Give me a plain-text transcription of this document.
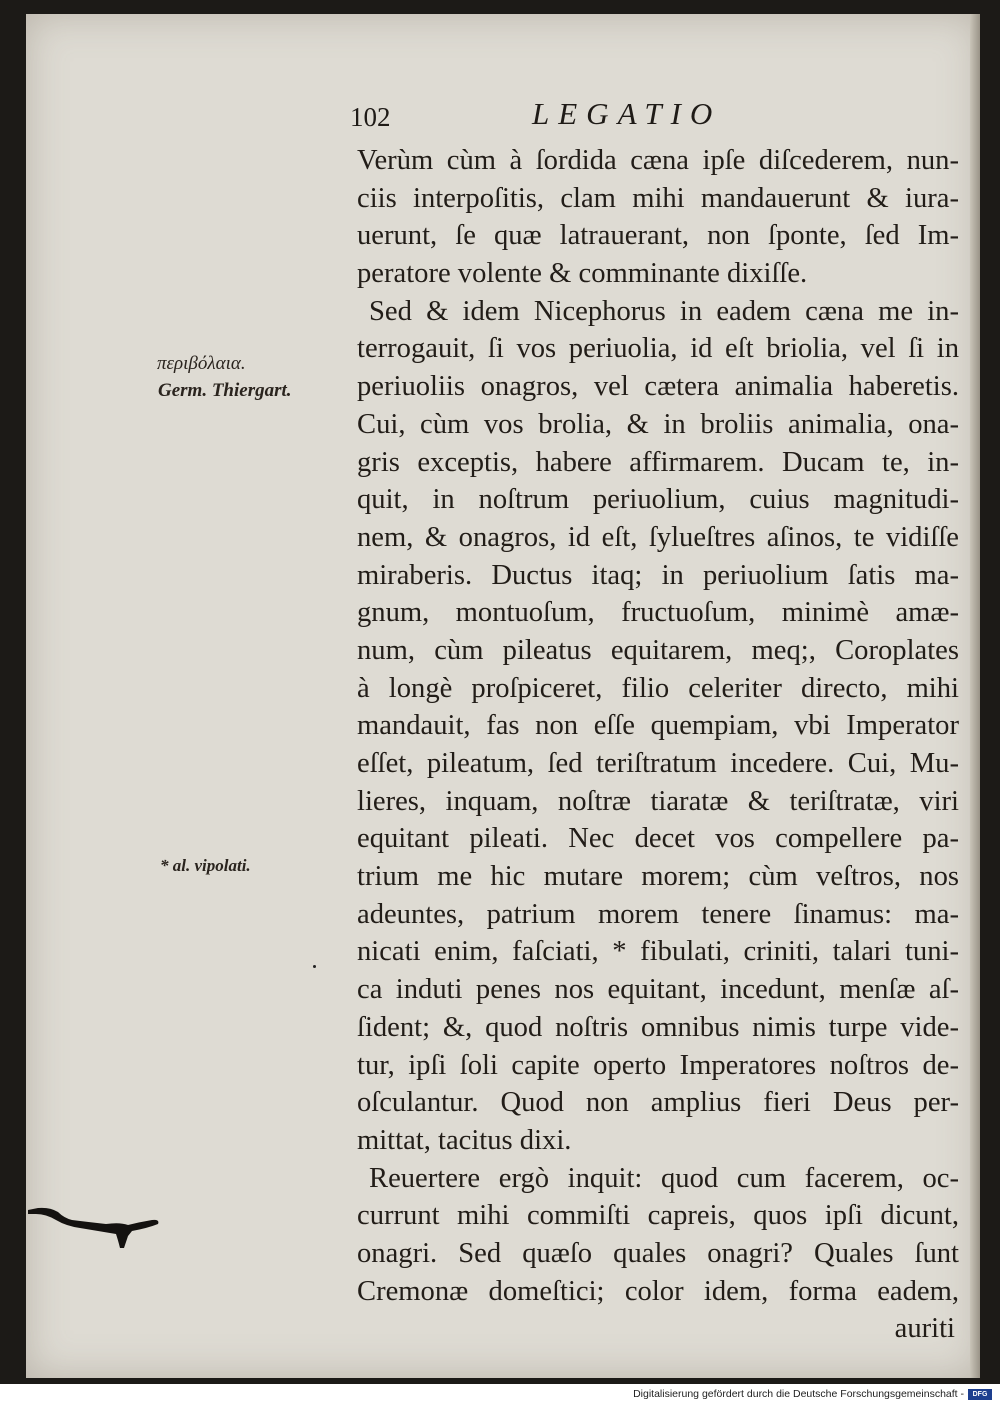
102	LEGATIO
περιβόλαια.
Germ. Thiergart.
* al. vipolati.
Verùm cùm à ſordida cæna ipſe diſcederem, nun-
ciis interpoſitis, clam mihi mandauerunt & iura-
uerunt, ſe quæ latrauerant, non ſponte, ſed Im-
peratore volente & comminante dixiſſe.
Sed & idem Nicephorus in eadem cæna me in-
terrogauit, ſi vos periuolia, id eſt briolia, vel ſi in
periuoliis onagros, vel cætera animalia haberetis.
Cui, cùm vos brolia, & in broliis animalia, ona-
gris exceptis, habere affirmarem. Ducam te, in-
quit, in noſtrum periuolium, cuius magnitudi-
nem, & onagros, id eſt, ſylueſtres aſinos, te vidiſſe
miraberis. Ductus itaq; in periuolium ſatis ma-
gnum, montuoſum, fructuoſum, minimè amæ-
num, cùm pileatus equitarem, meq;, Coroplates
à longè proſpiceret, filio celeriter directo, mihi
mandauit, fas non eſſe quempiam, vbi Imperator
eſſet, pileatum, ſed teriſtratum incedere. Cui, Mu-
lieres, inquam, noſtræ tiaratæ & teriſtratæ, viri
equitant pileati. Nec decet vos compellere pa-
trium me hic mutare morem; cùm veſtros, nos
adeuntes, patrium morem tenere ſinamus: ma-
nicati enim, faſciati, * fibulati, criniti, talari tuni-
ca induti penes nos equitant, incedunt, menſæ aſ-
ſident; &, quod noſtris omnibus nimis turpe vide-
tur, ipſi ſoli capite operto Imperatores noſtros de-
oſculantur. Quod non amplius fieri Deus per-
mittat, tacitus dixi.
Reuertere ergò inquit: quod cum facerem, oc-
currunt mihi commiſti capreis, quos ipſi dicunt,
onagri. Sed quæſo quales onagri? Quales ſunt
Cremonæ domeſtici; color idem, forma eadem,
auriti
Digitalisierung gefördert durch die Deutsche Forschungsgemeinschaft -	DFG
